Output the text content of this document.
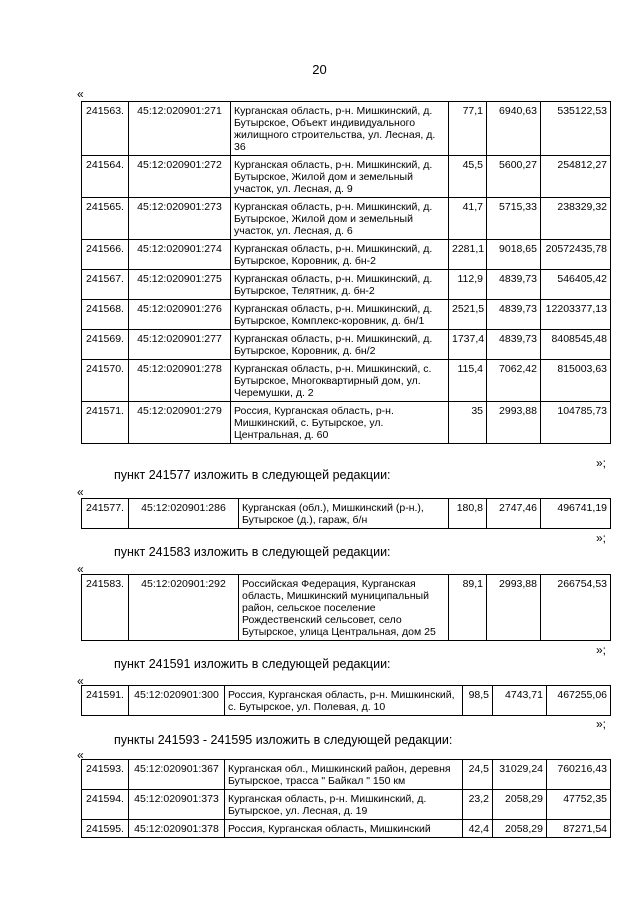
20
«
241563.	45:12:020901:271	Курганская область, р-н. Мишкинский, д. Бутырское, Объект индивидуального жилищного строительства, ул. Лесная, д. 36	77,1	6940,63	535122,53
241564.	45:12:020901:272	Курганская область, р-н. Мишкинский, д. Бутырское, Жилой дом и земельный участок, ул. Лесная, д. 9	45,5	5600,27	254812,27
241565.	45:12:020901:273	Курганская область, р-н. Мишкинский, д. Бутырское, Жилой дом и земельный участок, ул. Лесная, д. 6	41,7	5715,33	238329,32
241566.	45:12:020901:274	Курганская область, р-н. Мишкинский, д. Бутырское, Коровник, д. бн-2	2281,1	9018,65	20572435,78
241567.	45:12:020901:275	Курганская область, р-н. Мишкинский, д. Бутырское, Телятник, д. бн-2	112,9	4839,73	546405,42
241568.	45:12:020901:276	Курганская область, р-н. Мишкинский, д. Бутырское, Комплекс-коровник, д. бн/1	2521,5	4839,73	12203377,13
241569.	45:12:020901:277	Курганская область, р-н. Мишкинский, д. Бутырское, Коровник, д. бн/2	1737,4	4839,73	8408545,48
241570.	45:12:020901:278	Курганская область, р-н. Мишкинский, с. Бутырское, Многоквартирный дом, ул. Черемушки, д. 2	115,4	7062,42	815003,63
241571.	45:12:020901:279	Россия, Курганская область, р-н. Мишкинский, с. Бутырское, ул. Центральная, д. 60	35	2993,88	104785,73
»;
пункт 241577 изложить в следующей редакции:
«
241577.	45:12:020901:286	Курганская (обл.), Мишкинский (р-н.), Бутырское (д.), гараж, б/н	180,8	2747,46	496741,19
»;
пункт 241583 изложить в следующей редакции:
«
241583.	45:12:020901:292	Российская Федерация, Курганская область, Мишкинский муниципальный район, сельское поселение Рождественский сельсовет, село Бутырское, улица Центральная, дом 25	89,1	2993,88	266754,53
»;
пункт 241591 изложить в следующей редакции:
«
241591.	45:12:020901:300	Россия, Курганская область, р-н. Мишкинский, с. Бутырское, ул. Полевая, д. 10	98,5	4743,71	467255,06
»;
пункты 241593 - 241595 изложить в следующей редакции:
«
241593.	45:12:020901:367	Курганская обл., Мишкинский район, деревня Бутырское, трасса " Байкал " 150 км	24,5	31029,24	760216,43
241594.	45:12:020901:373	Курганская область, р-н. Мишкинский, д. Бутырское, ул. Лесная, д. 19	23,2	2058,29	47752,35
241595.	45:12:020901:378	Россия, Курганская область, Мишкинский	42,4	2058,29	87271,54
